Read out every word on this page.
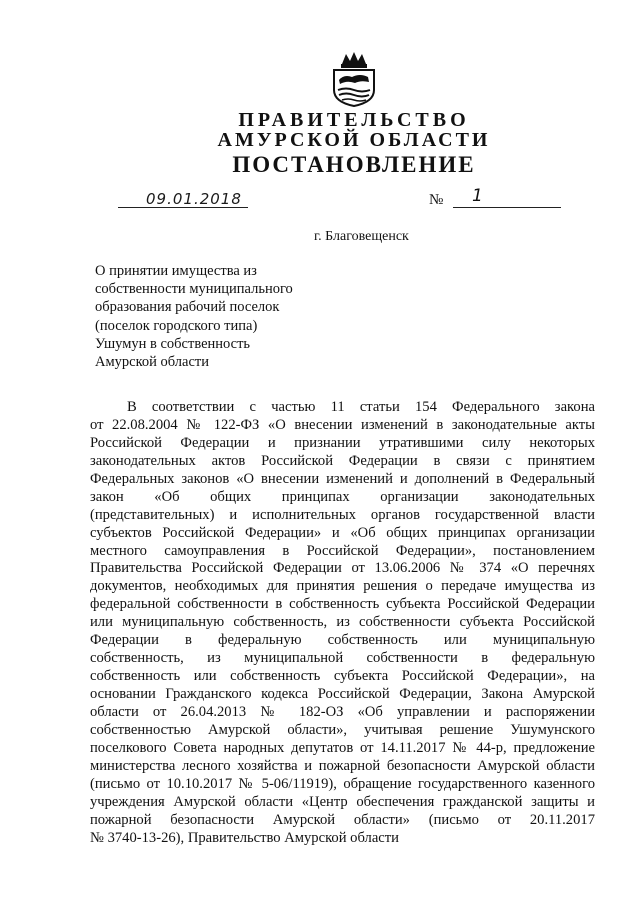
ПРАВИТЕЛЬСТВО
АМУРСКОЙ ОБЛАСТИ
ПОСТАНОВЛЕНИЕ
09.01.2018	№ 1
г. Благовещенск
О принятии имущества из
собственности муниципального
образования рабочий поселок
(поселок городского типа)
Ушумун в собственность
Амурской области
В соответствии с частью 11 статьи 154 Федерального закона
от 22.08.2004 № 122-ФЗ «О внесении изменений в законодательные акты
Российской Федерации и признании утратившими силу некоторых
законодательных актов Российской Федерации в связи с принятием
Федеральных законов «О внесении изменений и дополнений в Федеральный
закон «Об общих принципах организации законодательных
(представительных) и исполнительных органов государственной власти
субъектов Российской Федерации» и «Об общих принципах организации
местного самоуправления в Российской Федерации», постановлением
Правительства Российской Федерации от 13.06.2006 № 374 «О перечнях
документов, необходимых для принятия решения о передаче имущества из
федеральной собственности в собственность субъекта Российской Федерации
или муниципальную собственность, из собственности субъекта Российской
Федерации в федеральную собственность или муниципальную
собственность, из муниципальной собственности в федеральную
собственность или собственность субъекта Российской Федерации», на
основании Гражданского кодекса Российской Федерации, Закона Амурской
области от 26.04.2013 № 182-ОЗ «Об управлении и распоряжении
собственностью Амурской области», учитывая решение Ушумунского
поселкового Совета народных депутатов от 14.11.2017 № 44-р, предложение
министерства лесного хозяйства и пожарной безопасности Амурской области
(письмо от 10.10.2017 № 5-06/11919), обращение государственного казенного
учреждения Амурской области «Центр обеспечения гражданской защиты и
пожарной безопасности Амурской области» (письмо от 20.11.2017
№ 3740-13-26), Правительство Амурской области
